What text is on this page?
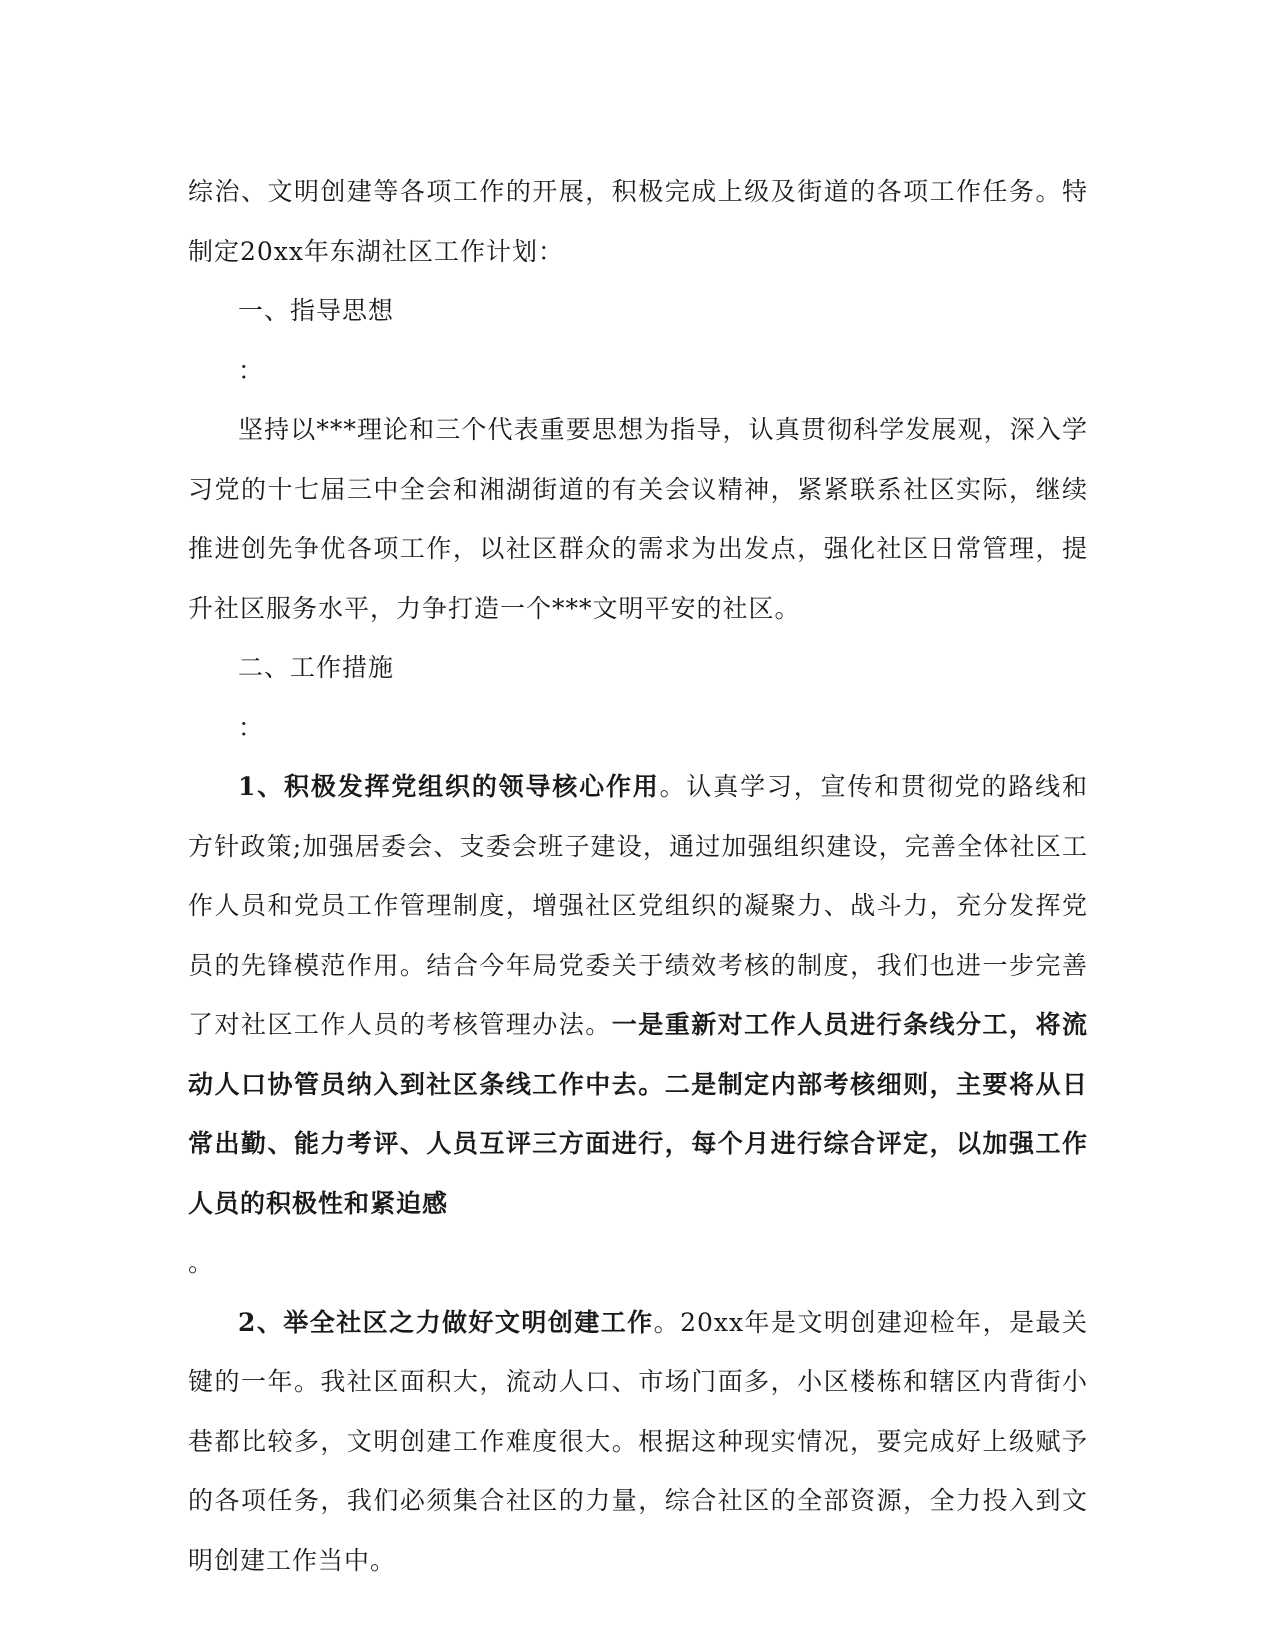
综治、文明创建等各项工作的开展，积极完成上级及街道的各项工作任务。特制定20xx年东湖社区工作计划：

一、指导思想

：

坚持以***理论和三个代表重要思想为指导，认真贯彻科学发展观，深入学习党的十七届三中全会和湘湖街道的有关会议精神，紧紧联系社区实际，继续推进创先争优各项工作，以社区群众的需求为出发点，强化社区日常管理，提升社区服务水平，力争打造一个***文明平安的社区。

二、工作措施

：

1、积极发挥党组织的领导核心作用。认真学习，宣传和贯彻党的路线和方针政策;加强居委会、支委会班子建设，通过加强组织建设，完善全体社区工作人员和党员工作管理制度，增强社区党组织的凝聚力、战斗力，充分发挥党员的先锋模范作用。结合今年局党委关于绩效考核的制度，我们也进一步完善了对社区工作人员的考核管理办法。一是重新对工作人员进行条线分工，将流动人口协管员纳入到社区条线工作中去。二是制定内部考核细则，主要将从日常出勤、能力考评、人员互评三方面进行，每个月进行综合评定，以加强工作人员的积极性和紧迫感

。

2、举全社区之力做好文明创建工作。20xx年是文明创建迎检年，是最关键的一年。我社区面积大，流动人口、市场门面多，小区楼栋和辖区内背街小巷都比较多，文明创建工作难度很大。根据这种现实情况，要完成好上级赋予的各项任务，我们必须集合社区的力量，综合社区的全部资源，全力投入到文明创建工作当中。
